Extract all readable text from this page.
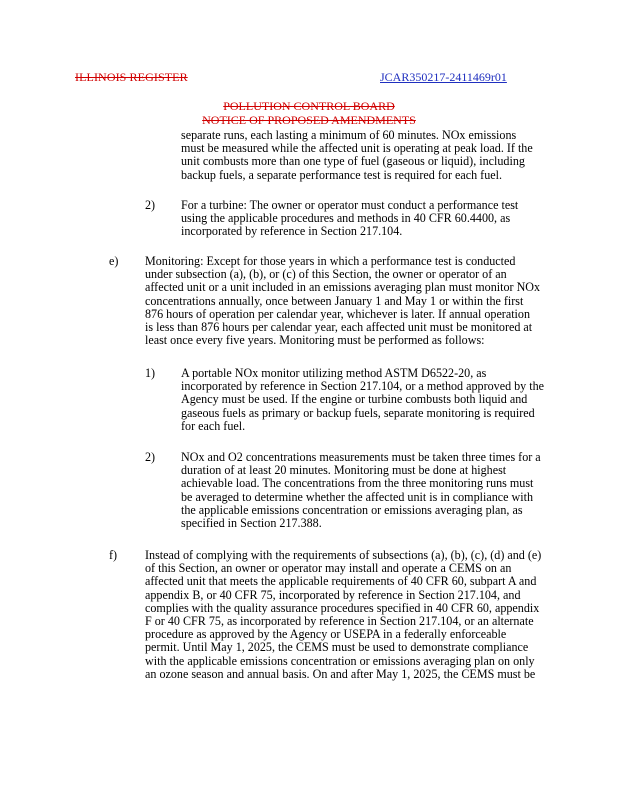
ILLINOIS REGISTER	JCAR350217-2411469r01
POLLUTION CONTROL BOARD
NOTICE OF PROPOSED AMENDMENTS
separate runs, each lasting a minimum of 60 minutes. NOx emissions
must be measured while the affected unit is operating at peak load. If the
unit combusts more than one type of fuel (gaseous or liquid), including
backup fuels, a separate performance test is required for each fuel.
2) For a turbine: The owner or operator must conduct a performance test
using the applicable procedures and methods in 40 CFR 60.4400, as
incorporated by reference in Section 217.104.
e) Monitoring: Except for those years in which a performance test is conducted
under subsection (a), (b), or (c) of this Section, the owner or operator of an
affected unit or a unit included in an emissions averaging plan must monitor NOx
concentrations annually, once between January 1 and May 1 or within the first
876 hours of operation per calendar year, whichever is later. If annual operation
is less than 876 hours per calendar year, each affected unit must be monitored at
least once every five years. Monitoring must be performed as follows:
1) A portable NOx monitor utilizing method ASTM D6522-20, as
incorporated by reference in Section 217.104, or a method approved by the
Agency must be used. If the engine or turbine combusts both liquid and
gaseous fuels as primary or backup fuels, separate monitoring is required
for each fuel.
2) NOx and O2 concentrations measurements must be taken three times for a
duration of at least 20 minutes. Monitoring must be done at highest
achievable load. The concentrations from the three monitoring runs must
be averaged to determine whether the affected unit is in compliance with
the applicable emissions concentration or emissions averaging plan, as
specified in Section 217.388.
f) Instead of complying with the requirements of subsections (a), (b), (c), (d) and (e)
of this Section, an owner or operator may install and operate a CEMS on an
affected unit that meets the applicable requirements of 40 CFR 60, subpart A and
appendix B, or 40 CFR 75, incorporated by reference in Section 217.104, and
complies with the quality assurance procedures specified in 40 CFR 60, appendix
F or 40 CFR 75, as incorporated by reference in Section 217.104, or an alternate
procedure as approved by the Agency or USEPA in a federally enforceable
permit. Until May 1, 2025, the CEMS must be used to demonstrate compliance
with the applicable emissions concentration or emissions averaging plan on only
an ozone season and annual basis. On and after May 1, 2025, the CEMS must be
